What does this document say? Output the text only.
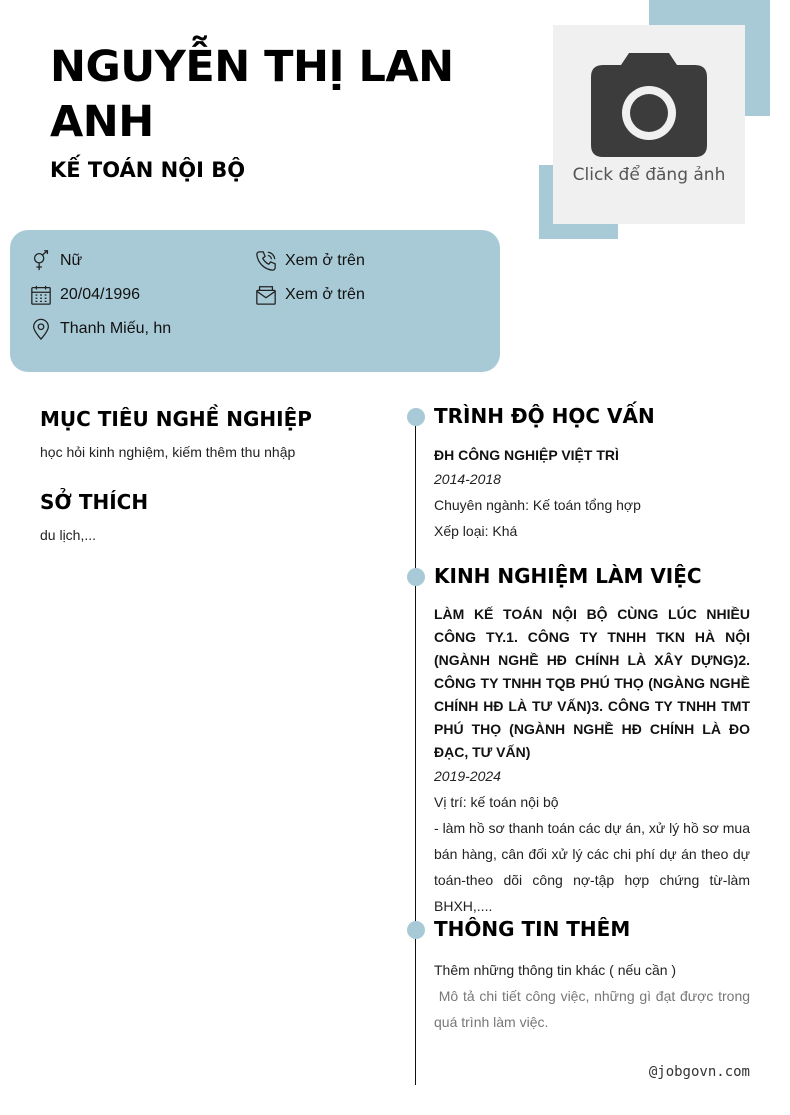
NGUYỄN THỊ LAN ANH
KẾ TOÁN NỘI BỘ	Click để đăng ảnh
Nữ
20/04/1996
Thanh Miếu, hn
Xem ở trên
Xem ở trên
MỤC TIÊU NGHỀ NGHIỆP
học hỏi kinh nghiệm, kiếm thêm thu nhập
SỞ THÍCH
du lịch,...
TRÌNH ĐỘ HỌC VẤN
ĐH CÔNG NGHIỆP VIỆT TRÌ
2014-2018
Chuyên ngành: Kế toán tổng hợp
Xếp loại: Khá
KINH NGHIỆM LÀM VIỆC
LÀM KẾ TOÁN NỘI BỘ CÙNG LÚC NHIỀU CÔNG TY.1. CÔNG TY TNHH TKN HÀ NỘI (NGÀNH NGHỀ HĐ CHÍNH LÀ XÂY DỰNG)2. CÔNG TY TNHH TQB PHÚ THỌ (NGÀNG NGHỀ CHÍNH HĐ LÀ TƯ VẤN)3. CÔNG TY TNHH TMT PHÚ THỌ (NGÀNH NGHỀ HĐ CHÍNH LÀ ĐO ĐẠC, TƯ VẤN)
2019-2024
Vị trí: kế toán nội bộ
- làm hồ sơ thanh toán các dự án, xử lý hồ sơ mua bán hàng, cân đối xử lý các chi phí dự án theo dự toán-theo dõi công nợ-tập hợp chứng từ-làm BHXH,....
THÔNG TIN THÊM
Thêm những thông tin khác ( nếu cần )
Mô tả chi tiết công việc, những gì đạt được trong quá trình làm việc.
@jobgovn.com
